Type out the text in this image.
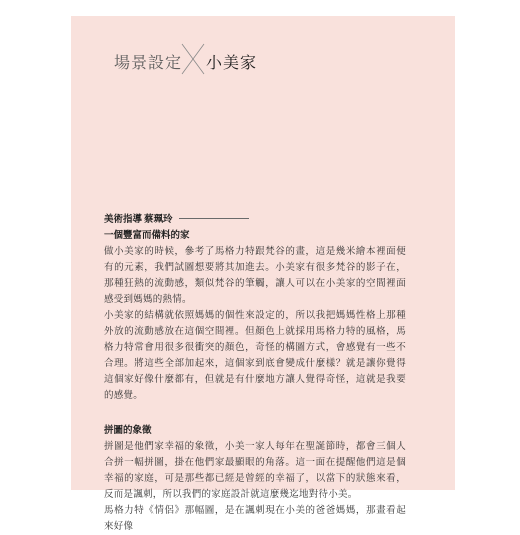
場景設定 小美家
美術指導 蔡珮玲
一個豐富而備料的家
做小美家的時候，參考了馬格力特跟梵谷的畫，這是幾米繪本裡面便有的元素，我們試圖想要將其加進去。小美家有很多梵谷的影子在，那種狂熱的流動感，類似梵谷的筆觸，讓人可以在小美家的空間裡面感受到媽媽的熱情。
小美家的結構就依照媽媽的個性來設定的，所以我把媽媽性格上那種外放的流動感放在這個空間裡。但顏色上就採用馬格力特的風格，馬格力特常會用很多很衝突的顏色，奇怪的構圖方式，會感覺有一些不合理。將這些全部加起來，這個家到底會變成什麼樣？就是讓你覺得這個家好像什麼都有，但就是有什麼地方讓人覺得奇怪，這就是我要的感覺。
拼圖的象徵
拼圖是他們家幸福的象徵，小美一家人每年在聖誕節時，都會三個人合拼一幅拼圖，掛在他們家最顯眼的角落。這一面在提醒他們這是個幸福的家庭，可是那些都已經是曾經的幸福了，以當下的狀態來看，反而是諷刺，所以我們的家庭設計就這麼幾迄地對待小美。
馬格力特《情侶》那幅圖，是在諷刺現在小美的爸爸媽媽，那畫看起來好像
